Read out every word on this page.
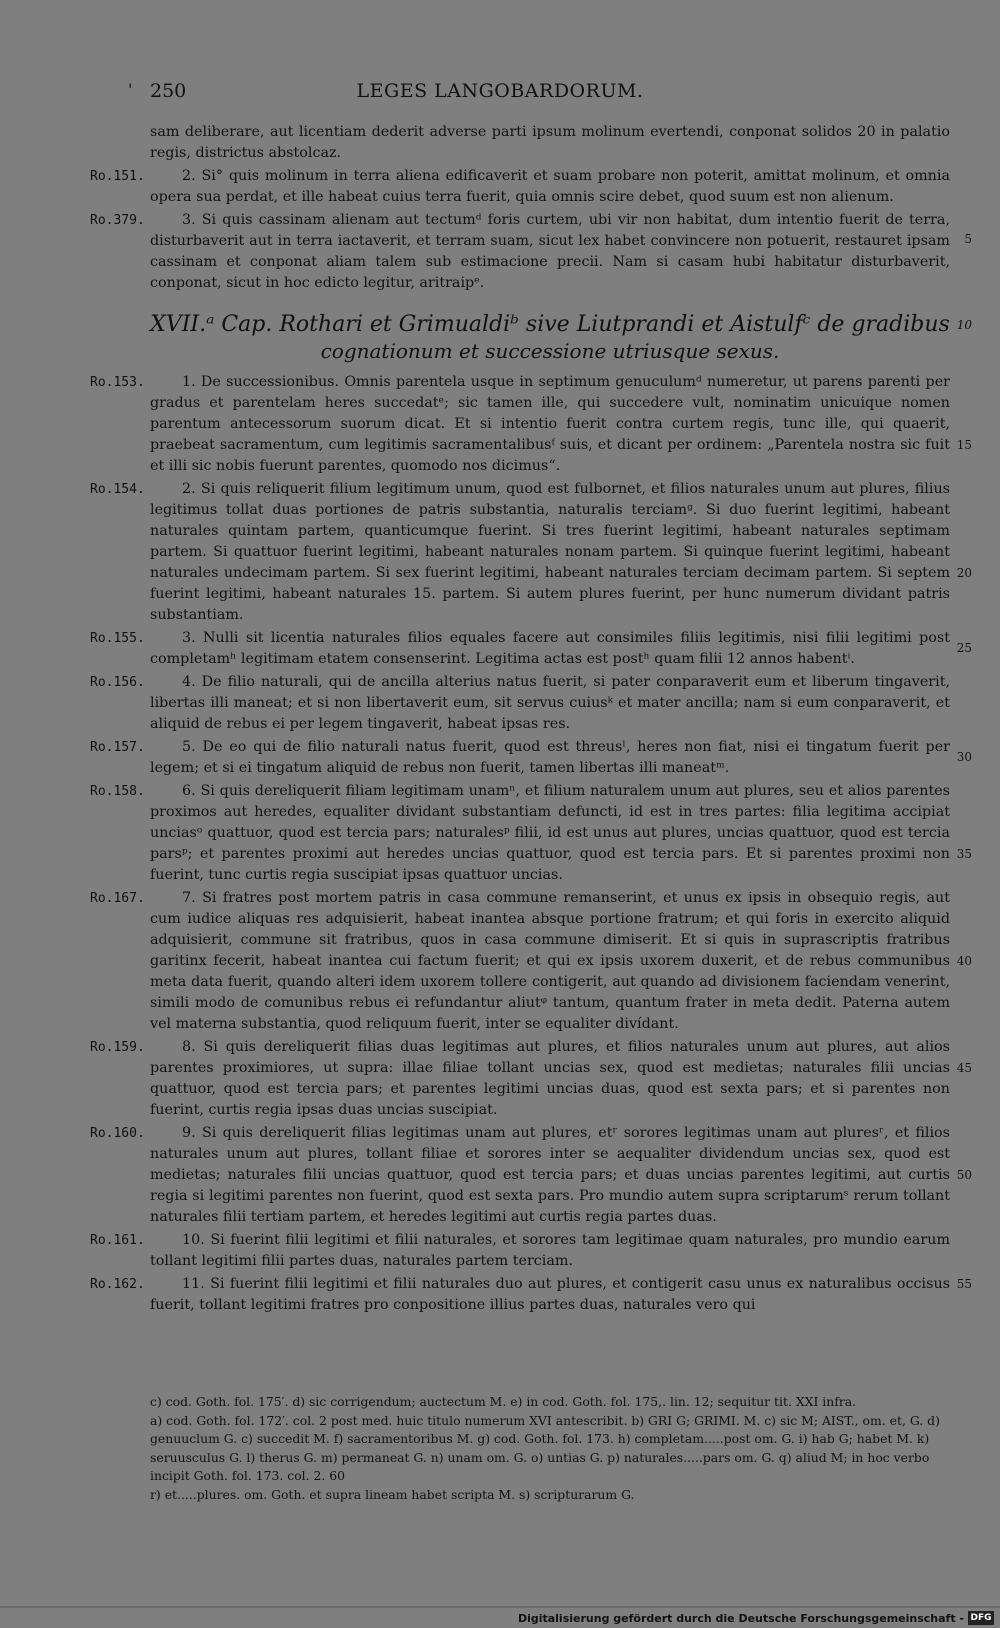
' 250	LEGES LANGOBARDORUM.

sam deliberare, aut licentiam dederit adverse parti ipsum molinum evertendi, conponat solidos 20 in palatio regis, districtus abstolcaz.

Ro.151.
5

2. Si° quis molinum in terra aliena edificaverit et suam probare non poterit, amittat molinum, et omnia opera sua perdat, et ille habeat cuius terra fuerit, quia omnis scire debet, quod suum est non alienum.

Ro.379.	3. Si quis cassinam alienam aut tectumᵈ foris curtem, ubi vir non habitat, dum intentio fuerit de terra, disturbaverit aut in terra iactaverit, et terram suam, sicut lex habet convincere non potuerit, restauret ipsam cassinam et conponat aliam talem sub estimacione precii. Nam si casam hubi habitatur disturbaverit, conponat, sicut in hoc edicto legitur, aritraipᵉ.

10
XVII.ᵃ Cap. Rothari et Grimualdiᵇ sive Liutprandi et Aistulfᶜ de gradibus
cognationum et successione utriusque sexus.
Ro.153.
15

1. De successionibus. Omnis parentela usque in septimum genuculumᵈ numeretur, ut parens parenti per gradus et parentelam heres succedatᵉ; sic tamen ille, qui succedere vult, nominatim unicuique nomen parentum antecessorum suorum dicat. Et si intentio fuerit contra curtem regis, tunc ille, qui quaerit, praebeat sacramentum, cum legitimis sacramentalibusᶠ suis, et dicant per ordinem: „Parentela nostra sic fuit et illi sic nobis fuerunt parentes, quomodo nos dicimus“.

Ro.154.
20

2. Si quis reliquerit filium legitimum unum, quod est fulbornet, et filios naturales unum aut plures, filius legitimus tollat duas portiones de patris substantia, naturalis terciamᵍ. Si duo fuerint legitimi, habeant naturales quintam partem, quanticumque fuerint. Si tres fuerint legitimi, habeant naturales septimam partem. Si quattuor fuerint legitimi, habeant naturales nonam partem. Si quinque fuerint legitimi, habeant naturales undecimam partem. Si sex fuerint legitimi, habeant naturales terciam decimam partem. Si septem fuerint legitimi, habeant naturales 15. partem. Si autem plures fuerint, per hunc numerum dividant patris substantiam.

Ro.155.
25

3. Nulli sit licentia naturales filios equales facere aut consimiles filiis legitimis, nisi filii legitimi post completamʰ legitimam etatem consenserint. Legitima actas est postʰ quam filii 12 annos habentⁱ.

Ro.156.	4. De filio naturali, qui de ancilla alterius natus fuerit, si pater conparaverit eum et liberum tingaverit, libertas illi maneat; et si non libertaverit eum, sit servus cuiusᵏ et mater ancilla; nam si eum conparaverit, et aliquid de rebus ei per legem tingaverit, habeat ipsas res.

Ro.157.
30

5. De eo qui de filio naturali natus fuerit, quod est threusˡ, heres non fiat, nisi ei tingatum fuerit per legem; et si ei tingatum aliquid de rebus non fuerit, tamen libertas illi maneatᵐ.

Ro.158.
35

6. Si quis dereliquerit filiam legitimam unamⁿ, et filium naturalem unum aut plures, seu et alios parentes proximos aut heredes, equaliter dividant substantiam defuncti, id est in tres partes: filia legitima accipiat unciasᵒ quattuor, quod est tercia pars; naturalesᵖ filii, id est unus aut plures, uncias quattuor, quod est tercia parsᵖ; et parentes proximi aut heredes uncias quattuor, quod est tercia pars. Et si parentes proximi non fuerint, tunc curtis regia suscipiat ipsas quattuor uncias.

Ro.167.
40

7. Si fratres post mortem patris in casa commune remanserint, et unus ex ipsis in obsequio regis, aut cum iudice aliquas res adquisierit, habeat inantea absque portione fratrum; et qui foris in exercito aliquid adquisierit, commune sit fratribus, quos in casa commune dimiserit. Et si quis in suprascriptis fratribus garitinx fecerit, habeat inantea cui factum fuerit; et qui ex ipsis uxorem duxerit, et de rebus communibus meta data fuerit, quando alteri idem uxorem tollere contigerit, aut quando ad divisionem faciendam venerint, simili modo de comunibus rebus ei refundantur aliutᵠ tantum, quantum frater in meta dedit. Paterna autem vel materna substantia, quod reliquum fuerit, inter se equaliter divídant.

Ro.159.
45

8. Si quis dereliquerit filias duas legitimas aut plures, et filios naturales unum aut plures, aut alios parentes proximiores, ut supra: illae filiae tollant uncias sex, quod est medietas; naturales filii uncias quattuor, quod est tercia pars; et parentes legitimi uncias duas, quod est sexta pars; et si parentes non fuerint, curtis regia ipsas duas uncias suscipiat.

Ro.160.
50

9. Si quis dereliquerit filias legitimas unam aut plures, etʳ sorores legitimas unam aut pluresʳ, et filios naturales unum aut plures, tollant filiae et sorores inter se aequaliter dividendum uncias sex, quod est medietas; naturales filii uncias quattuor, quod est tercia pars; et duas uncias parentes legitimi, aut curtis regia si legitimi parentes non fuerint, quod est sexta pars. Pro mundio autem supra scriptarumˢ rerum tollant naturales filii tertiam partem, et heredes legitimi aut curtis regia partes duas.

Ro.161.	10. Si fuerint filii legitimi et filii naturales, et sorores tam legitimae quam naturales, pro mundio earum tollant legitimi filii partes duas, naturales partem terciam.

Ro.162.	55

11. Si fuerint filii legitimi et filii naturales duo aut plures, et contigerit casu unus ex naturalibus occisus fuerit, tollant legitimi fratres pro conpositione illius partes duas, naturales vero qui

c) cod. Goth. fol. 175′. d) sic corrigendum; auctectum M. e) in cod. Goth. fol. 175,. lin. 12; sequitur tit. XXI infra.

a) cod. Goth. fol. 172′. col. 2 post med. huic titulo numerum XVI antescribit. b) GRI G; GRIMI. M. c) sic M; AIST., om. et, G. d) genuuclum G. c) succedit M. f) sacramentoribus M. g) cod. Goth. fol. 173. h) completam.....post om. G. i) hab G; habet M. k) seruusculus G. l) therus G. m) permaneat G. n) unam om. G. o) untias G. p) naturales.....pars om. G. q) aliud M; in hoc verbo incipit Goth. fol. 173. col. 2. 60

r) et.....plures. om. Goth. et supra lineam habet scripta M. s) scripturarum G.

Digitalisierung gefördert durch die Deutsche Forschungsgemeinschaft - DFG
